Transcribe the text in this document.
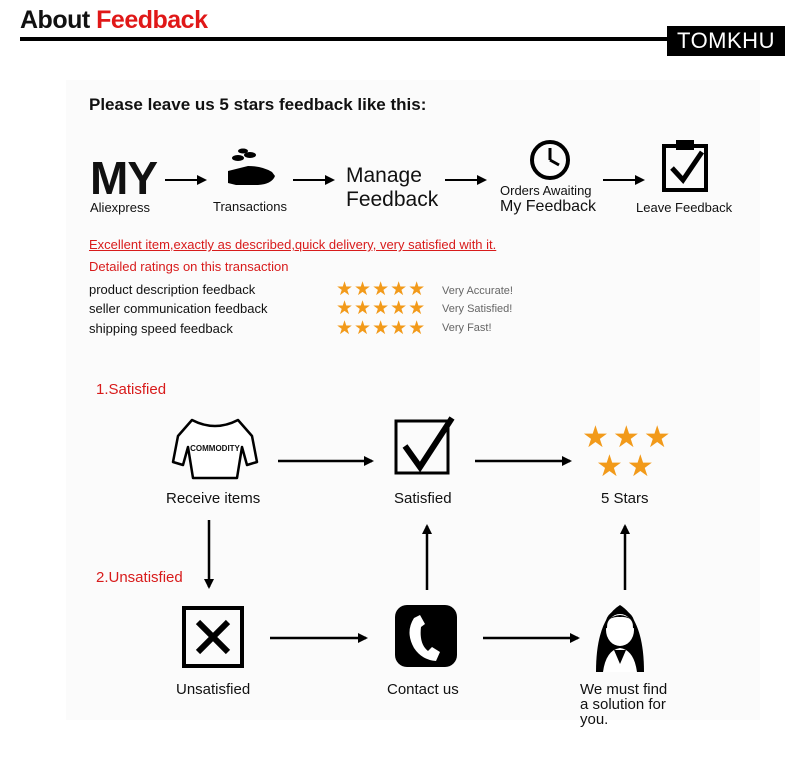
About Feedback
TOMKHU
Please leave us 5 stars feedback like this:
MY
Aliexpress	Transactions
Manage
Feedback	Orders Awaiting
My Feedback	Leave Feedback
Excellent item,exactly as described,quick delivery, very satisfied with it.
Detailed ratings on this transaction
product description feedback	★★★★★ Very Accurate!
seller communication feedback	★★★★★ Very Satisfied!
shipping speed feedback	★★★★★ Very Fast!
1.Satisfied
2.Unsatisfied
COMMODITY
Receive items	Satisfied
★★★
★★
5 Stars
Unsatisfied	Contact us	We must find
a solution for
you.
